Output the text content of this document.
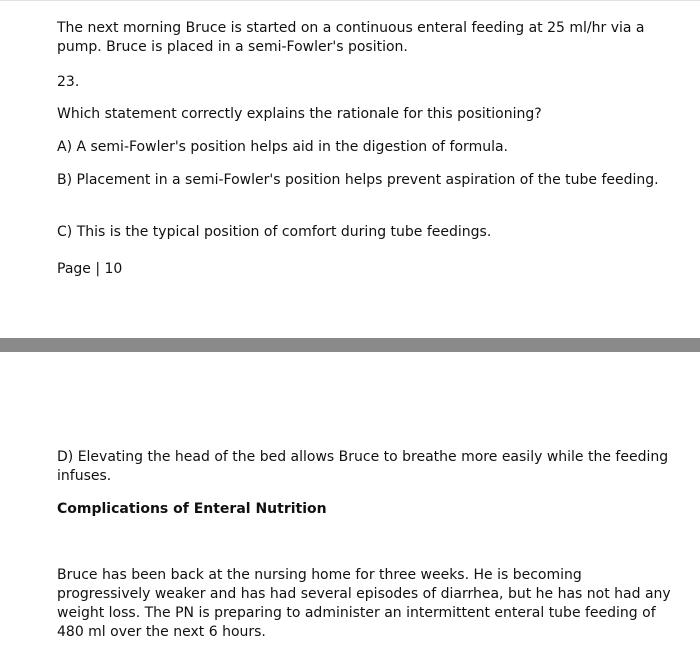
The next morning Bruce is started on a continuous enteral feeding at 25 ml/hr via a pump. Bruce is placed in a semi-Fowler's position.

23.

Which statement correctly explains the rationale for this positioning?

A) A semi-Fowler's position helps aid in the digestion of formula.

B) Placement in a semi-Fowler's position helps prevent aspiration of the tube feeding.

C) This is the typical position of comfort during tube feedings.

Page | 10

D) Elevating the head of the bed allows Bruce to breathe more easily while the feeding infuses.

Complications of Enteral Nutrition

Bruce has been back at the nursing home for three weeks. He is becoming progressively weaker and has had several episodes of diarrhea, but he has not had any weight loss. The PN is preparing to administer an intermittent enteral tube feeding of 480 ml over the next 6 hours.
